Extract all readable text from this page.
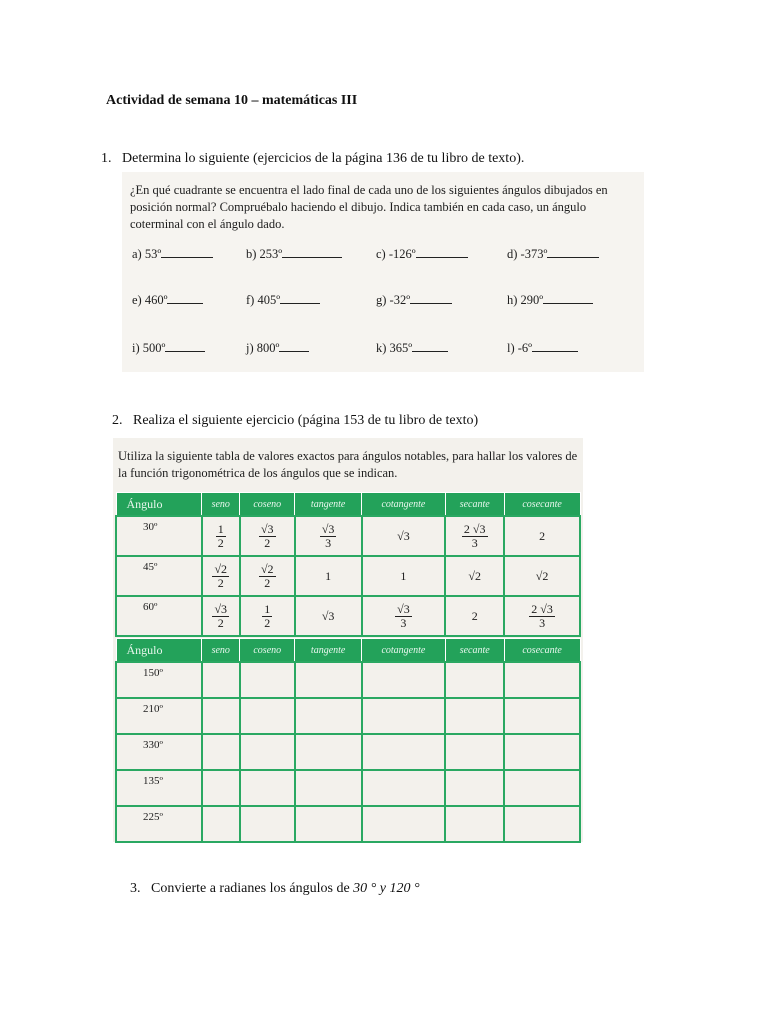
Actividad de semana 10 – matemáticas III
1. Determina lo siguiente (ejercicios de la página 136 de tu libro de texto).
¿En qué cuadrante se encuentra el lado final de cada uno de los siguientes ángulos dibujados en posición normal? Compruébalo haciendo el dibujo. Indica también en cada caso, un ángulo coterminal con el ángulo dado.
a) 53º	b) 253º	c) -126º	d) -373º
e) 460º	f) 405º	g) -32º	h) 290º
i) 500º	j) 800º	k) 365º	l) -6º
2. Realiza el siguiente ejercicio (página 153 de tu libro de texto)
Utiliza la siguiente tabla de valores exactos para ángulos notables, para hallar los valores de la función trigonométrica de los ángulos que se indican.
Ángulo	seno	coseno	tangente	cotangente	secante	cosecante
30º	$\frac{1}{2}$	$\frac{√3}{2}$	$\frac{√3}{3}$	√3	$\frac{2 √3}{3}$	2
45º	$\frac{√2}{2}$	$\frac{√2}{2}$	1	1	√2	√2
60º	$\frac{√3}{2}$	$\frac{1}{2}$	√3	$\frac{√3}{3}$	2	$\frac{2 √3}{3}$
Ángulo	seno	coseno	tangente	cotangente	secante	cosecante
150º						
210º						
330º						
135º						
225º						
3. Convierte a radianes los ángulos de 30 ° y 120 °
